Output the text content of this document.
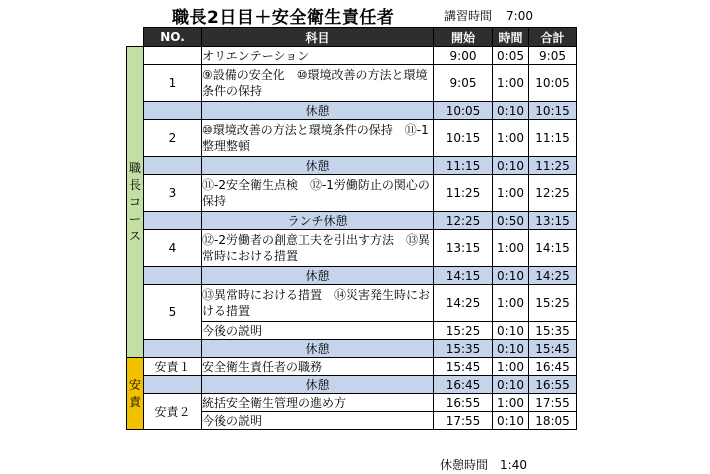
職長2日目＋安全衛生責任者	講習時間 7:00
	NO.	科目	開始	時間	合計

職
長
コ
ー
ス		オリエンテーション	9:00	0:05	9:05
	1	⑨設備の安全化　⑩環境改善の方法と環境条件の保持	9:05	1:00	10:05
		休憩	10:05	0:10	10:15
	2	⑩環境改善の方法と環境条件の保持　⑪-1整理整頓	10:15	1:00	11:15
		休憩	11:15	0:10	11:25
	3	⑪-2安全衛生点検　⑫-1労働防止の関心の保持	11:25	1:00	12:25
		ランチ休憩	12:25	0:50	13:15
	4	⑫-2労働者の創意工夫を引出す方法　⑬異常時における措置	13:15	1:00	14:15
		休憩	14:15	0:10	14:25
	5	⑬異常時における措置　⑭災害発生時における措置	14:25	1:00	15:25
		今後の説明	15:25	0:10	15:35
		休憩	15:35	0:10	15:45

安
責	安責１	安全衛生責任者の職務	15:45	1:00	16:45
		休憩	16:45	0:10	16:55
	安責２	統括安全衛生管理の進め方	16:55	1:00	17:55
		今後の説明	17:55	0:10	18:05
休憩時間 1:40
